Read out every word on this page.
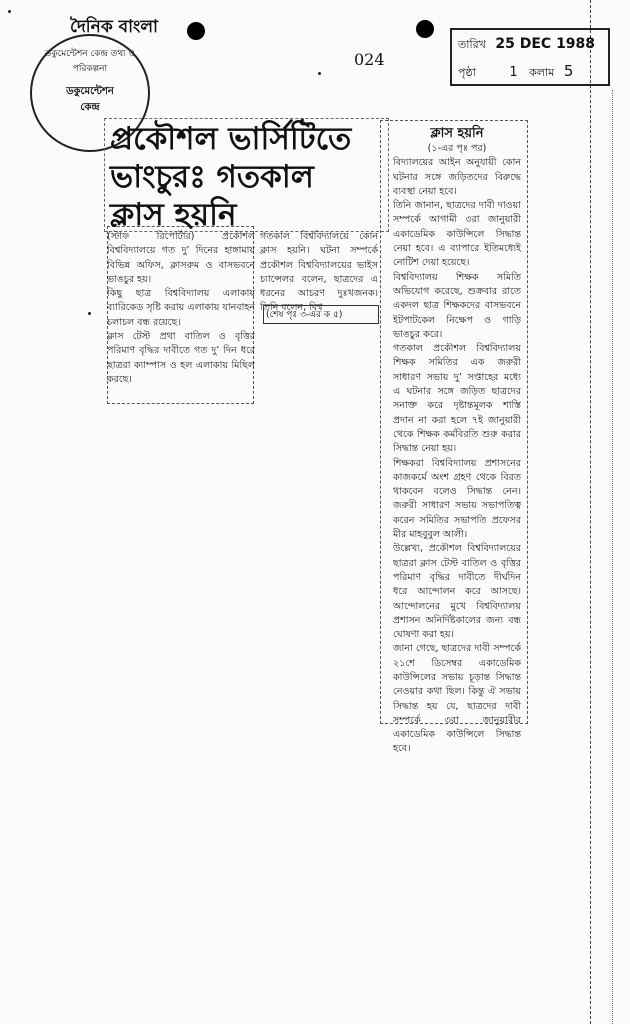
দৈনিক বাংলা
024
ডকুমেন্টেশন কেন্দ্র তথ্য ও পরিকল্পনা
ডকুমেন্টেশন
কেন্দ্র
তারিখ 25 DEC 1988
পৃষ্ঠা	1 কলাম 5
প্রকৌশল ভার্সিটিতে
ভাংচুরঃ গতকাল
ক্লাস হয়নি

(স্টাফ রিপোর্টার) প্রকৌশল বিশ্ববিদ্যালয়ে গত দু’ দিনের হাঙ্গামায় বিভিন্ন অফিস, ক্লাসরুম ও বাসভবনে ভাঙচুর হয়।

কিছু ছাত্র বিশ্ববিদ্যালয় এলাকায় ব্যারিকেড সৃষ্টি করায় এলাকায় যানবাহন চলাচল বন্ধ রয়েছে।

ক্লাস টেস্ট প্রথা বাতিল ও বৃত্তির পরিমাণ বৃদ্ধির দাবীতে গত দু’ দিন ধরে ছাত্ররা ক্যাম্পাস ও হল এলাকায় মিছিল করছে।

গতকাল বিশ্ববিদ্যালয়ে কোন ক্লাস হয়নি। ঘটনা সম্পর্কে প্রকৌশল বিশ্ববিদ্যালয়ের ভাইস চ্যান্সেলর বলেন, ছাত্রদের এ ধরনের আচরণ দুঃখজনক। তিনি বলেন, বিশ্ব

(শেষ পৃঃ ৩-এর ক ৫)
ক্লাস হয়নি

(১-এর পৃঃ পর)

বিদ্যালয়ের আইন অনুযায়ী কোন ঘটনার সঙ্গে জড়িতদের বিরুদ্ধে ব্যবস্থা নেয়া হবে।

তিনি জানান, ছাত্রদের দাবী দাওয়া সম্পর্কে আগামী ৩রা জানুয়ারী একাডেমিক কাউন্সিলে সিদ্ধান্ত নেয়া হবে। এ ব্যাপারে ইতিমধ্যেই নোটিশ দেয়া হয়েছে।

বিশ্ববিদ্যালয় শিক্ষক সমিতি অভিযোগ করেছে, শুক্রবার রাতে একদল ছাত্র শিক্ষকদের বাসভবনে ইটপাটকেল নিক্ষেপ ও গাড়ি ভাঙচুর করে।

গতকাল প্রকৌশল বিশ্ববিদ্যালয় শিক্ষক সমিতির এক জরুরী সাধারণ সভায় দু’ সপ্তাহের মধ্যে এ ঘটনার সঙ্গে জড়িত ছাত্রদের সনাক্ত করে দৃষ্টান্তমূলক শাস্তি প্রদান না করা হলে ৭ই জানুয়ারী থেকে শিক্ষক কর্মবিরতি শুরু করার সিদ্ধান্ত নেয়া হয়।

শিক্ষকরা বিশ্ববিদ্যালয় প্রশাসনের কাজকর্মে অংশ গ্রহণ থেকে বিরত থাকবেন বলেও সিদ্ধান্ত নেন। জরুরী সাধারণ সভায় সভাপতিত্ব করেন সমিতির সভাপতি প্রফেসর মীর মাহবুবুল আলী।

উল্লেখ্য, প্রকৌশল বিশ্ববিদ্যালয়ের ছাত্ররা ক্লাস টেস্ট বাতিল ও বৃত্তির পরিমাণ বৃদ্ধির দাবীতে দীর্ঘদিন ধরে আন্দোলন করে আসছে। আন্দোলনের মুখে বিশ্ববিদ্যালয় প্রশাসন অনির্দিষ্টকালের জন্য বন্ধ ঘোষণা করা হয়।

জানা গেছে, ছাত্রদের দাবী সম্পর্কে ২১শে ডিসেম্বর একাডেমিক কাউন্সিলের সভায় চূড়ান্ত সিদ্ধান্ত নেওয়ার কথা ছিল। কিন্তু ঐ সভায় সিদ্ধান্ত হয় যে, ছাত্রদের দাবী সম্পর্কে ৩রা জানুয়ারীর একাডেমিক কাউন্সিলে সিদ্ধান্ত হবে।
